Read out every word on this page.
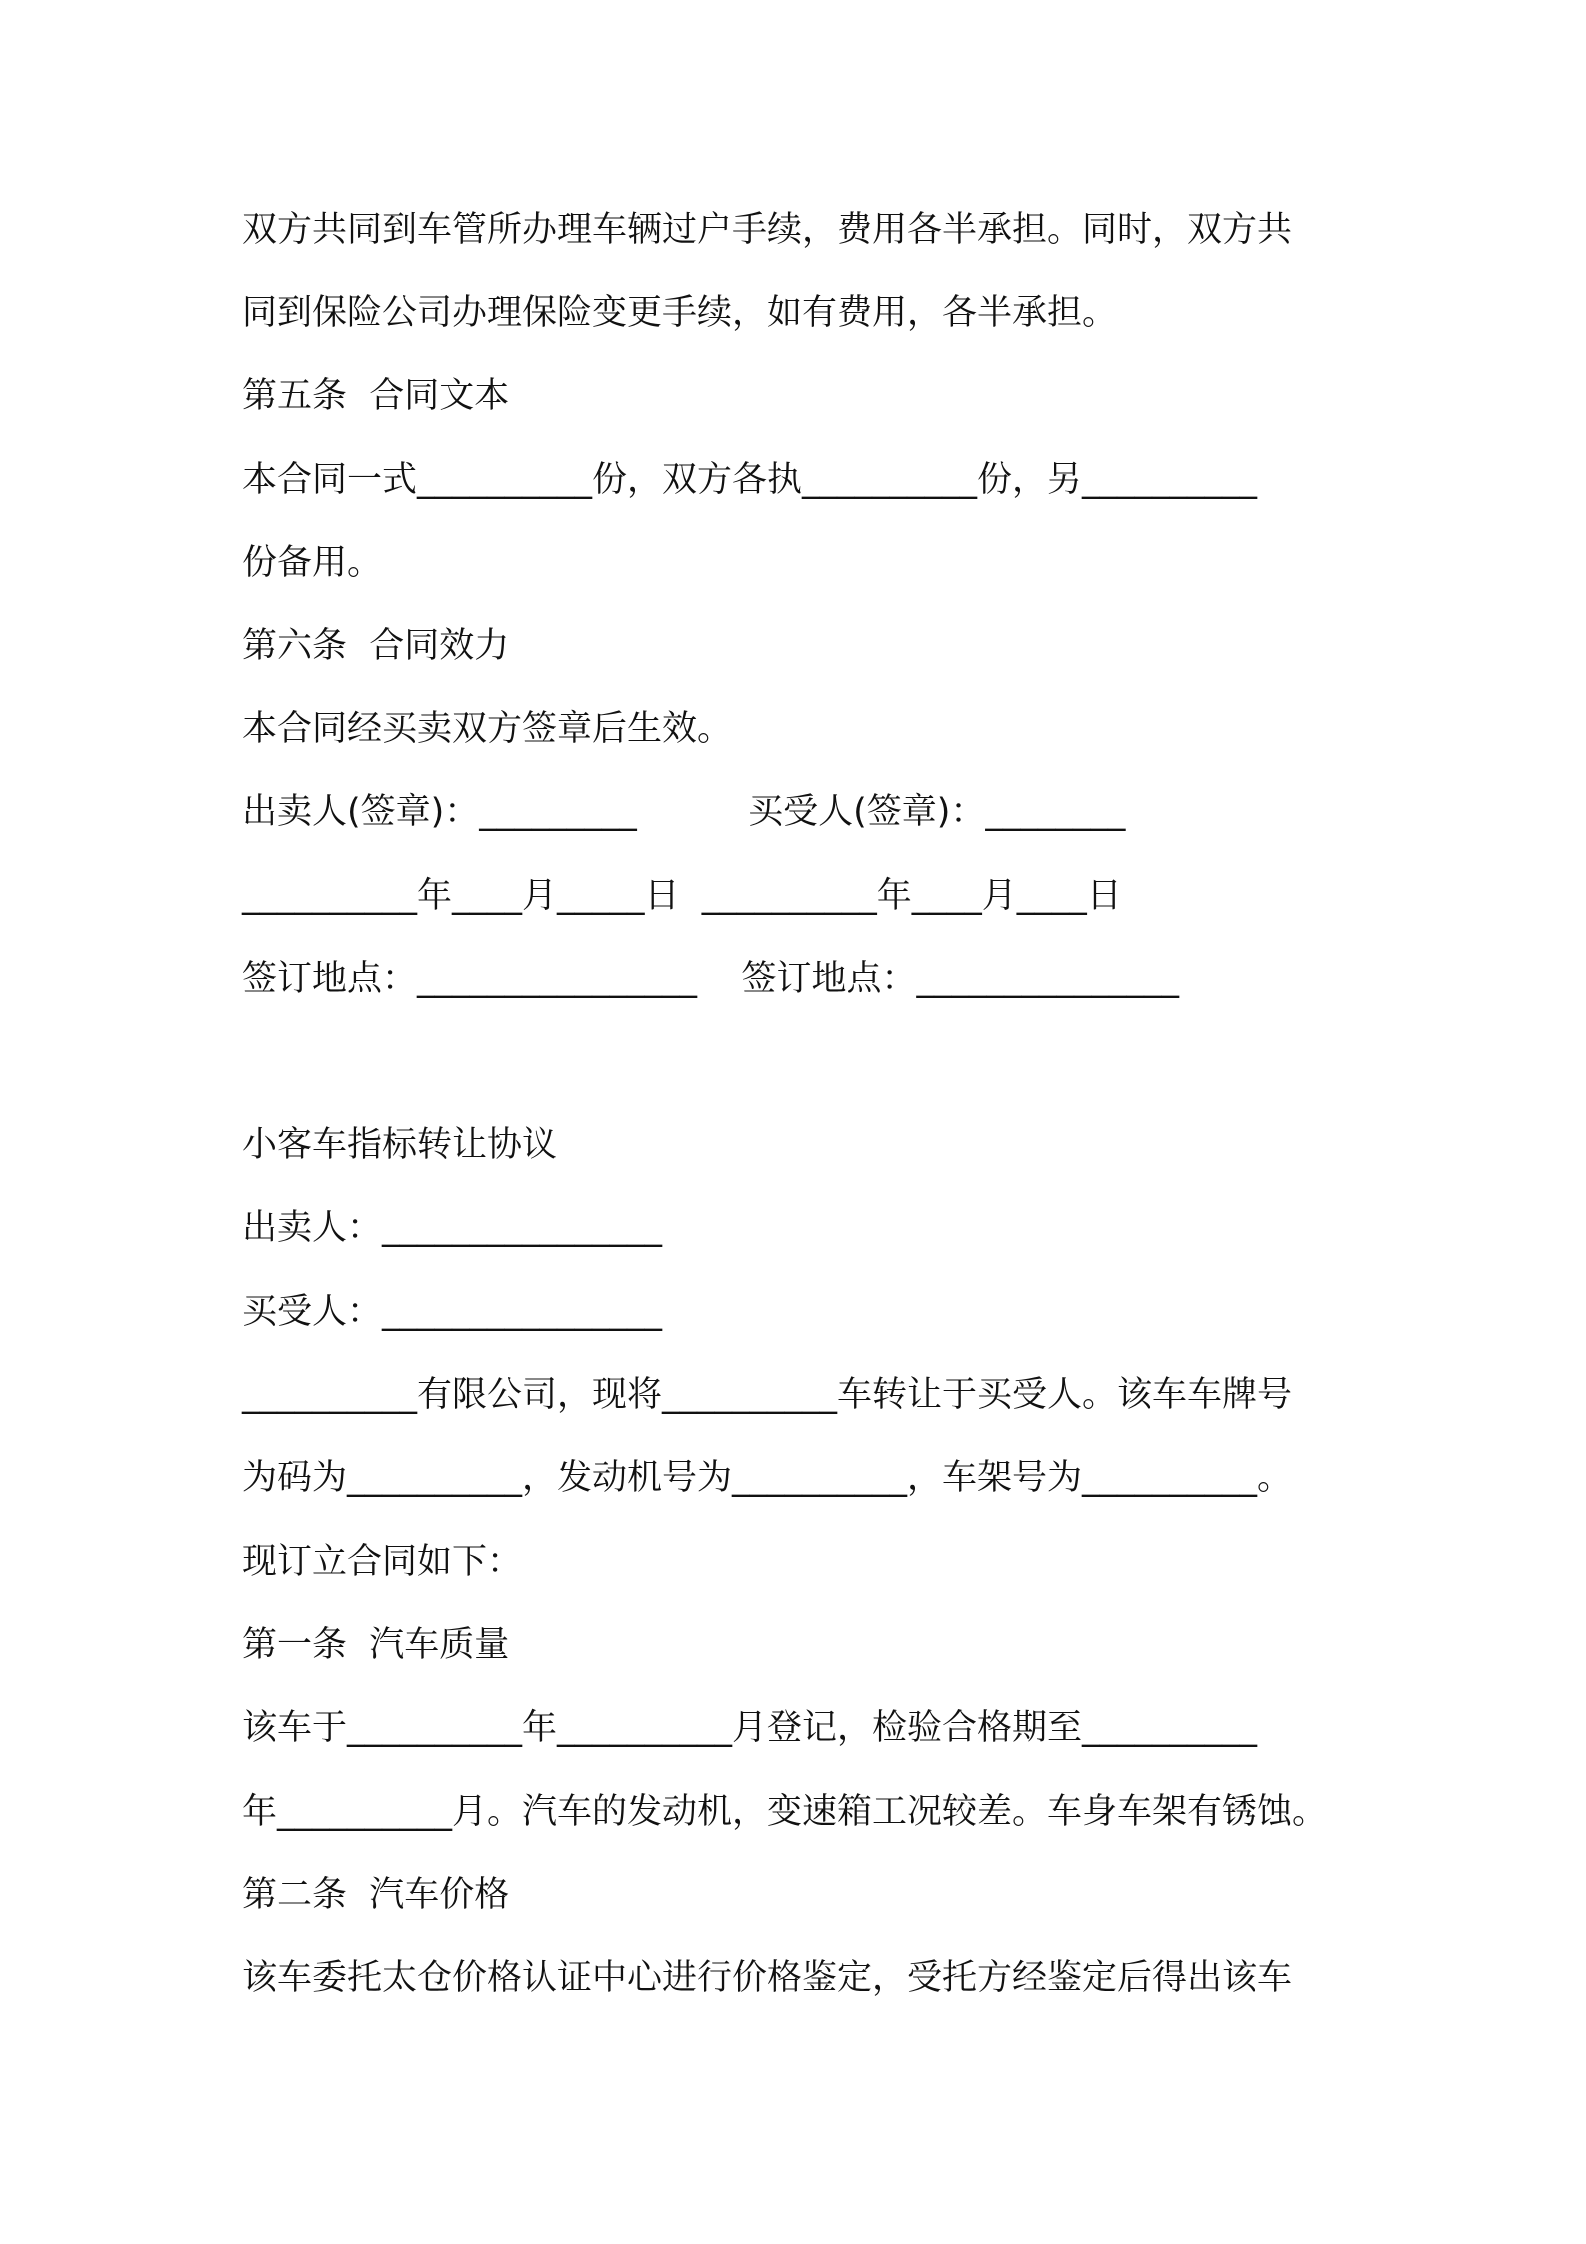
双方共同到车管所办理车辆过户手续，费用各半承担。同时，双方共
同到保险公司办理保险变更手续，如有费用，各半承担。
第五条  合同文本
本合同一式__________份，双方各执__________份，另__________
份备用。
第六条  合同效力
本合同经买卖双方签章后生效。
出卖人(签章)：_________          买受人(签章)：________
__________年____月_____日  __________年____月____日
签订地点：________________    签订地点：_______________
小客车指标转让协议
出卖人：________________
买受人：________________
__________有限公司，现将__________车转让于买受人。该车车牌号
为码为__________，发动机号为__________，车架号为__________。
现订立合同如下：
第一条  汽车质量
该车于__________年__________月登记，检验合格期至__________
年__________月。汽车的发动机，变速箱工况较差。车身车架有锈蚀。
第二条  汽车价格
该车委托太仓价格认证中心进行价格鉴定，受托方经鉴定后得出该车
